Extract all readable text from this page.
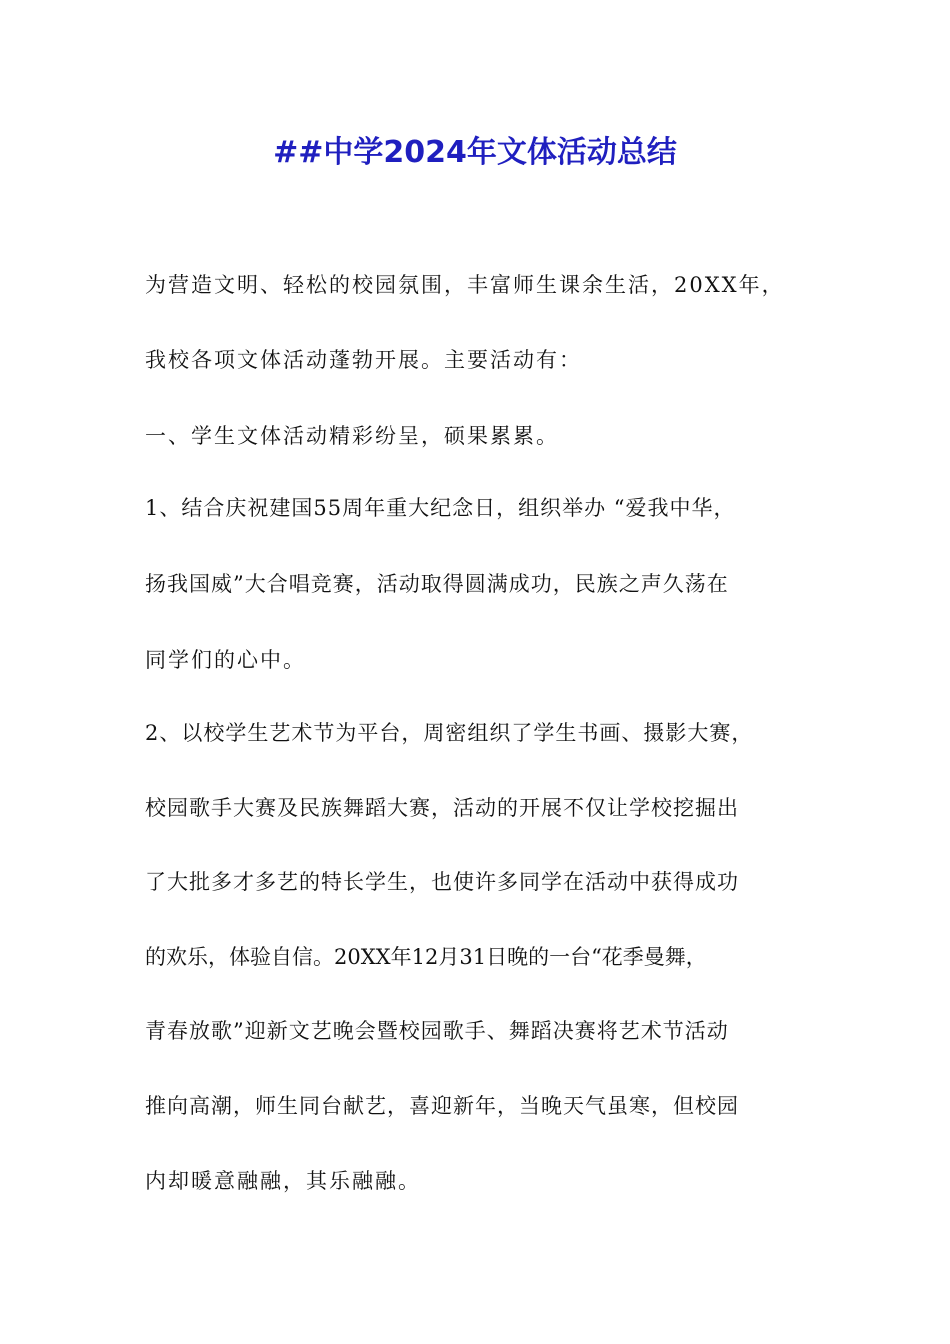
##中学2024年文体活动总结
为营造文明、轻松的校园氛围，丰富师生课余生活，20XX年，
我校各项文体活动蓬勃开展。主要活动有：
一、学生文体活动精彩纷呈，硕果累累。
1、结合庆祝建国55周年重大纪念日，组织举办 “爱我中华，
扬我国威”大合唱竞赛，活动取得圆满成功，民族之声久荡在
同学们的心中。
2、以校学生艺术节为平台，周密组织了学生书画、摄影大赛，
校园歌手大赛及民族舞蹈大赛，活动的开展不仅让学校挖掘出
了大批多才多艺的特长学生，也使许多同学在活动中获得成功
的欢乐，体验自信。20XX年12月31日晚的一台“花季曼舞，
青春放歌”迎新文艺晚会暨校园歌手、舞蹈决赛将艺术节活动
推向高潮，师生同台献艺，喜迎新年，当晚天气虽寒，但校园
内却暖意融融，其乐融融。
